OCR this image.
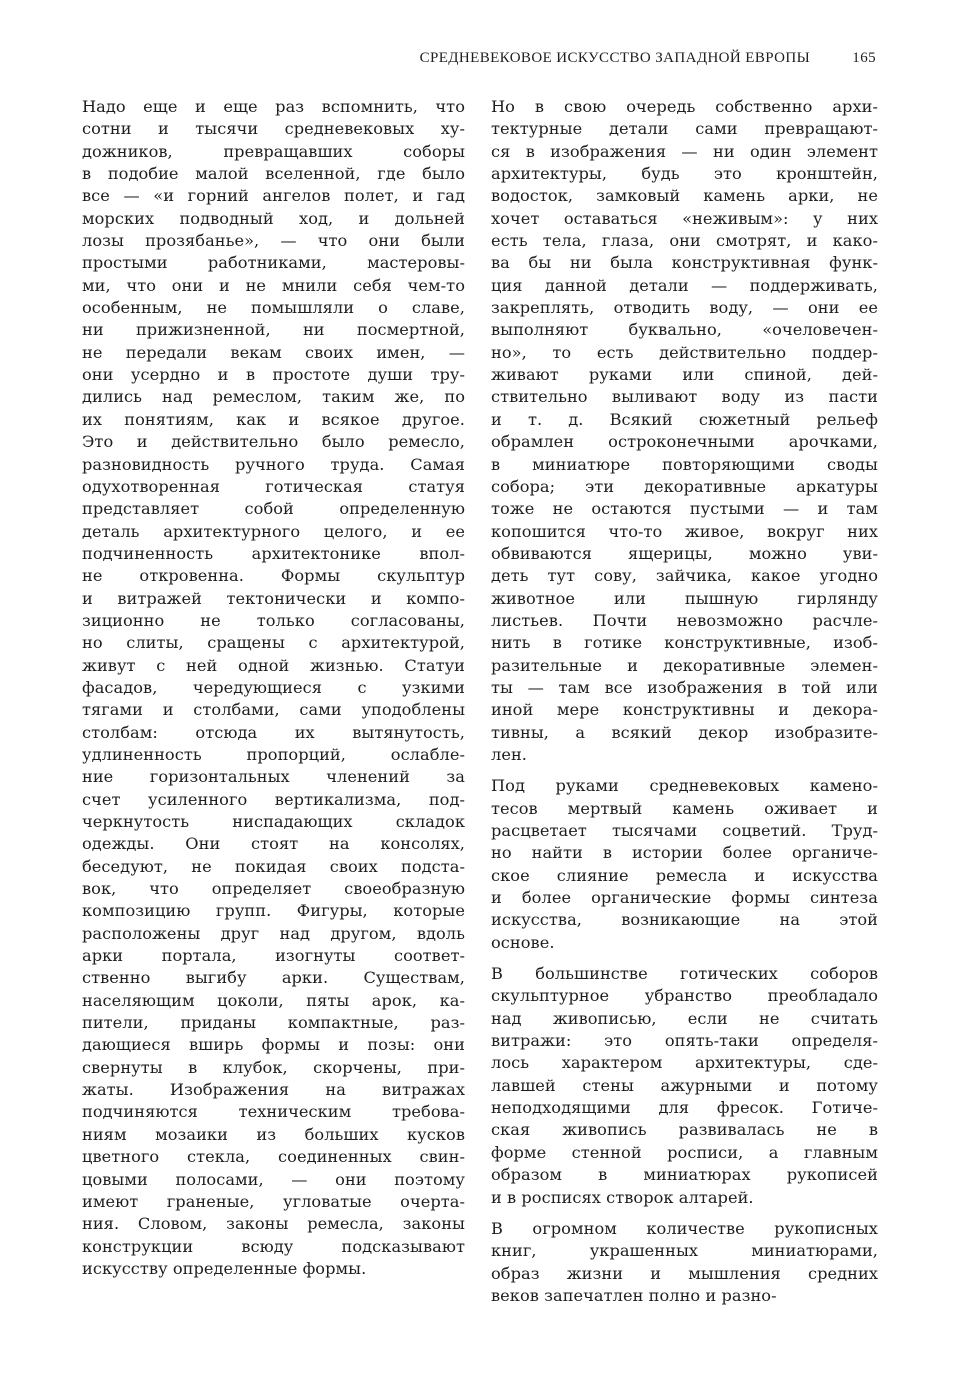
СРЕДНЕВЕКОВОЕ ИСКУССТВО ЗАПАДНОЙ ЕВРОПЫ	165
Надо еще и еще раз вспомнить, что
сотни и тысячи средневековых ху-
дожников, превращавших соборы
в подобие малой вселенной, где было
все — «и горний ангелов полет, и гад
морских подводный ход, и дольней
лозы прозябанье», — что они были
простыми работниками, мастеровы-
ми, что они и не мнили себя чем-то
особенным, не помышляли о славе,
ни прижизненной, ни посмертной,
не передали векам своих имен, —
они усердно и в простоте души тру-
дились над ремеслом, таким же, по
их понятиям, как и всякое другое.
Это и действительно было ремесло,
разновидность ручного труда. Самая
одухотворенная готическая статуя
представляет собой определенную
деталь архитектурного целого, и ее
подчиненность архитектонике впол-
не откровенна. Формы скульптур
и витражей тектонически и компо-
зиционно не только согласованы,
но слиты, сращены с архитектурой,
живут с ней одной жизнью. Статуи
фасадов, чередующиеся с узкими
тягами и столбами, сами уподоблены
столбам: отсюда их вытянутость,
удлиненность пропорций, ослабле-
ние горизонтальных членений за
счет усиленного вертикализма, под-
черкнутость ниспадающих складок
одежды. Они стоят на консолях,
беседуют, не покидая своих подста-
вок, что определяет своеобразную
композицию групп. Фигуры, которые
расположены друг над другом, вдоль
арки портала, изогнуты соответ-
ственно выгибу арки. Существам,
населяющим цоколи, пяты арок, ка-
пители, приданы компактные, раз-
дающиеся вширь формы и позы: они
свернуты в клубок, скорчены, при-
жаты. Изображения на витражах
подчиняются техническим требова-
ниям мозаики из больших кусков
цветного стекла, соединенных свин-
цовыми полосами, — они поэтому
имеют граненые, угловатые очерта-
ния. Словом, законы ремесла, законы
конструкции всюду подсказывают
искусству определенные формы.
Но в свою очередь собственно архи-
тектурные детали сами превращают-
ся в изображения — ни один элемент
архитектуры, будь это кронштейн,
водосток, замковый камень арки, не
хочет оставаться «неживым»: у них
есть тела, глаза, они смотрят, и како-
ва бы ни была конструктивная функ-
ция данной детали — поддерживать,
закреплять, отводить воду, — они ее
выполняют буквально, «очеловечен-
но», то есть действительно поддер-
живают руками или спиной, дей-
ствительно выливают воду из пасти
и т. д. Всякий сюжетный рельеф
обрамлен остроконечными арочками,
в миниатюре повторяющими своды
собора; эти декоративные аркатуры
тоже не остаются пустыми — и там
копошится что-то живое, вокруг них
обвиваются ящерицы, можно уви-
деть тут сову, зайчика, какое угодно
животное или пышную гирлянду
листьев. Почти невозможно расчле-
нить в готике конструктивные, изоб-
разительные и декоративные элемен-
ты — там все изображения в той или
иной мере конструктивны и декора-
тивны, а всякий декор изобразите-
лен.
Под руками средневековых камено-
тесов мертвый камень оживает и
расцветает тысячами соцветий. Труд-
но найти в истории более органиче-
ское слияние ремесла и искусства
и более органические формы синтеза
искусства, возникающие на этой
основе.
В большинстве готических соборов
скульптурное убранство преобладало
над живописью, если не считать
витражи: это опять-таки определя-
лось характером архитектуры, сде-
лавшей стены ажурными и потому
неподходящими для фресок. Готиче-
ская живопись развивалась не в
форме стенной росписи, а главным
образом в миниатюрах рукописей
и в росписях створок алтарей.
В огромном количестве рукописных
книг, украшенных миниатюрами,
образ жизни и мышления средних
веков запечатлен полно и разно-
